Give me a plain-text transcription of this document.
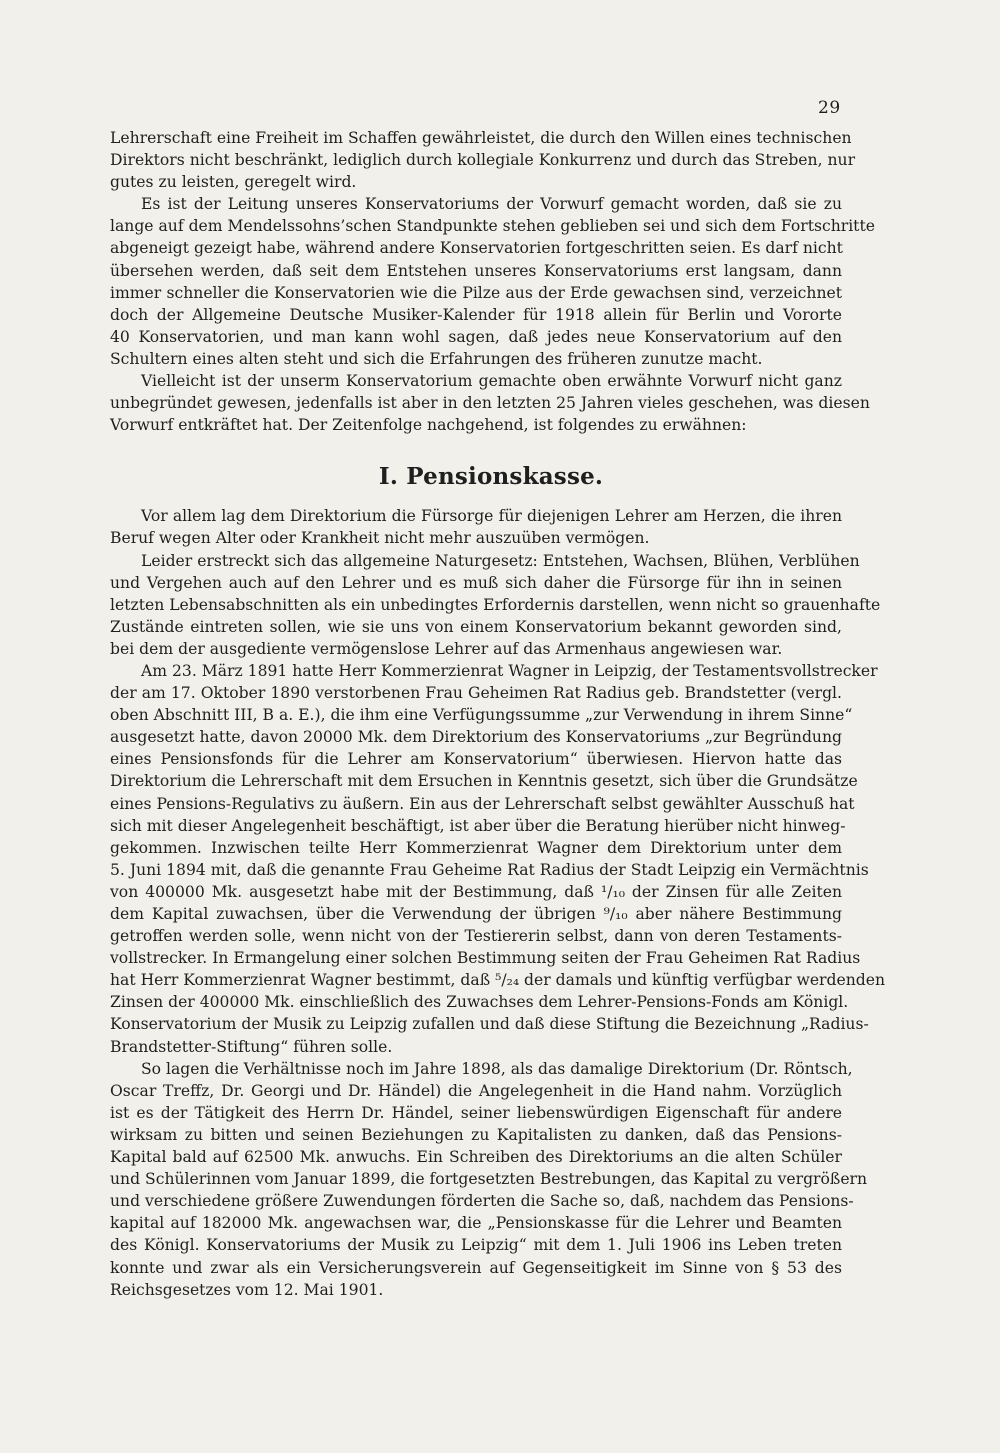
29

Lehrerschaft eine Freiheit im Schaffen gewährleistet, die durch den Willen eines technischen
Direktors nicht beschränkt, lediglich durch kollegiale Konkurrenz und durch das Streben, nur
gutes zu leisten, geregelt wird.

Es ist der Leitung unseres Konservatoriums der Vorwurf gemacht worden, daß sie zu
lange auf dem Mendelssohns’schen Standpunkte stehen geblieben sei und sich dem Fortschritte
abgeneigt gezeigt habe, während andere Konservatorien fortgeschritten seien. Es darf nicht
übersehen werden, daß seit dem Entstehen unseres Konservatoriums erst langsam, dann
immer schneller die Konservatorien wie die Pilze aus der Erde gewachsen sind, verzeichnet
doch der Allgemeine Deutsche Musiker-Kalender für 1918 allein für Berlin und Vororte
40 Konservatorien, und man kann wohl sagen, daß jedes neue Konservatorium auf den
Schultern eines alten steht und sich die Erfahrungen des früheren zunutze macht.

Vielleicht ist der unserm Konservatorium gemachte oben erwähnte Vorwurf nicht ganz
unbegründet gewesen, jedenfalls ist aber in den letzten 25 Jahren vieles geschehen, was diesen
Vorwurf entkräftet hat. Der Zeitenfolge nachgehend, ist folgendes zu erwähnen:

I. Pensionskasse.

Vor allem lag dem Direktorium die Fürsorge für diejenigen Lehrer am Herzen, die ihren
Beruf wegen Alter oder Krankheit nicht mehr auszuüben vermögen.

Leider erstreckt sich das allgemeine Naturgesetz: Entstehen, Wachsen, Blühen, Verblühen
und Vergehen auch auf den Lehrer und es muß sich daher die Fürsorge für ihn in seinen
letzten Lebensabschnitten als ein unbedingtes Erfordernis darstellen, wenn nicht so grauenhafte
Zustände eintreten sollen, wie sie uns von einem Konservatorium bekannt geworden sind,
bei dem der ausgediente vermögenslose Lehrer auf das Armenhaus angewiesen war.

Am 23. März 1891 hatte Herr Kommerzienrat Wagner in Leipzig, der Testamentsvollstrecker
der am 17. Oktober 1890 verstorbenen Frau Geheimen Rat Radius geb. Brandstetter (vergl.
oben Abschnitt III, B a. E.), die ihm eine Verfügungssumme „zur Verwendung in ihrem Sinne“
ausgesetzt hatte, davon 20000 Mk. dem Direktorium des Konservatoriums „zur Begründung
eines Pensionsfonds für die Lehrer am Konservatorium“ überwiesen. Hiervon hatte das
Direktorium die Lehrerschaft mit dem Ersuchen in Kenntnis gesetzt, sich über die Grundsätze
eines Pensions-Regulativs zu äußern. Ein aus der Lehrerschaft selbst gewählter Ausschuß hat
sich mit dieser Angelegenheit beschäftigt, ist aber über die Beratung hierüber nicht hinweg-
gekommen. Inzwischen teilte Herr Kommerzienrat Wagner dem Direktorium unter dem
5. Juni 1894 mit, daß die genannte Frau Geheime Rat Radius der Stadt Leipzig ein Vermächtnis
von 400000 Mk. ausgesetzt habe mit der Bestimmung, daß ¹/₁₀ der Zinsen für alle Zeiten
dem Kapital zuwachsen, über die Verwendung der übrigen ⁹/₁₀ aber nähere Bestimmung
getroffen werden solle, wenn nicht von der Testiererin selbst, dann von deren Testaments-
vollstrecker. In Ermangelung einer solchen Bestimmung seiten der Frau Geheimen Rat Radius
hat Herr Kommerzienrat Wagner bestimmt, daß ⁵/₂₄ der damals und künftig verfügbar werdenden
Zinsen der 400000 Mk. einschließlich des Zuwachses dem Lehrer-Pensions-Fonds am Königl.
Konservatorium der Musik zu Leipzig zufallen und daß diese Stiftung die Bezeichnung „Radius-
Brandstetter-Stiftung“ führen solle.

So lagen die Verhältnisse noch im Jahre 1898, als das damalige Direktorium (Dr. Röntsch,
Oscar Treffz, Dr. Georgi und Dr. Händel) die Angelegenheit in die Hand nahm. Vorzüglich
ist es der Tätigkeit des Herrn Dr. Händel, seiner liebenswürdigen Eigenschaft für andere
wirksam zu bitten und seinen Beziehungen zu Kapitalisten zu danken, daß das Pensions-
Kapital bald auf 62500 Mk. anwuchs. Ein Schreiben des Direktoriums an die alten Schüler
und Schülerinnen vom Januar 1899, die fortgesetzten Bestrebungen, das Kapital zu vergrößern
und verschiedene größere Zuwendungen förderten die Sache so, daß, nachdem das Pensions-
kapital auf 182000 Mk. angewachsen war, die „Pensionskasse für die Lehrer und Beamten
des Königl. Konservatoriums der Musik zu Leipzig“ mit dem 1. Juli 1906 ins Leben treten
konnte und zwar als ein Versicherungsverein auf Gegenseitigkeit im Sinne von § 53 des
Reichsgesetzes vom 12. Mai 1901.
